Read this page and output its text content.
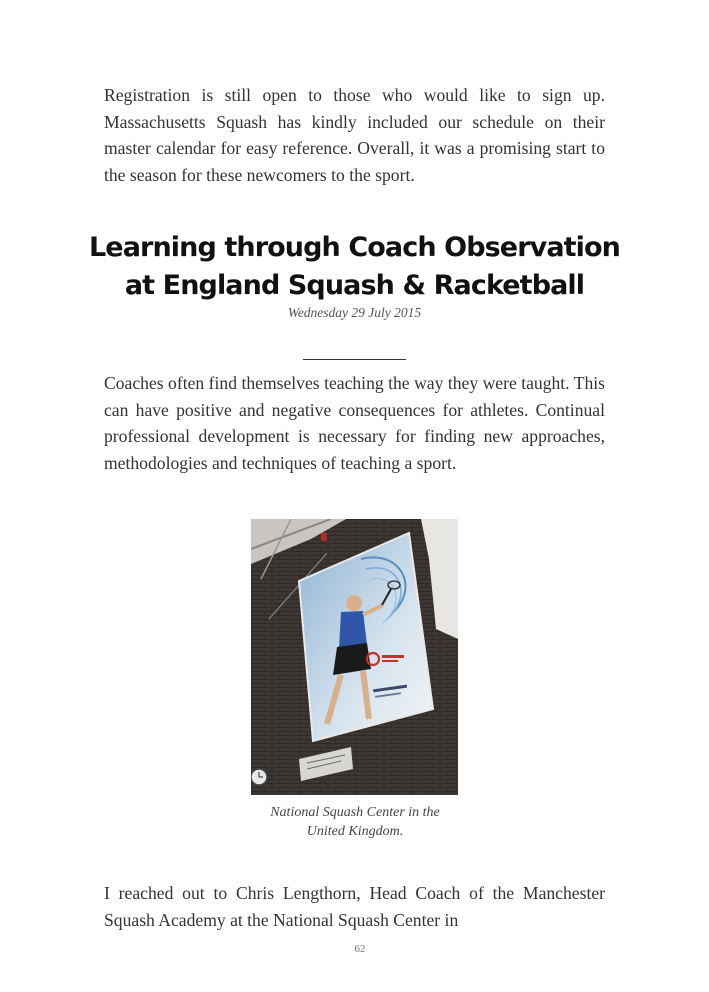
Registration is still open to those who would like to sign up. Massachusetts Squash has kindly included our schedule on their master calendar for easy reference. Overall, it was a promising start to the season for these newcomers to the sport.

Learning through Coach Observation
at England Squash & Racketball
Wednesday 29 July 2015

Coaches often find themselves teaching the way they were taught. This can have positive and negative consequences for athletes. Continual professional development is necessary for finding new approaches, methodologies and techniques of teaching a sport.

National Squash Center in the
United Kingdom.

I reached out to Chris Lengthorn, Head Coach of the Manchester Squash Academy at the National Squash Center in

62
